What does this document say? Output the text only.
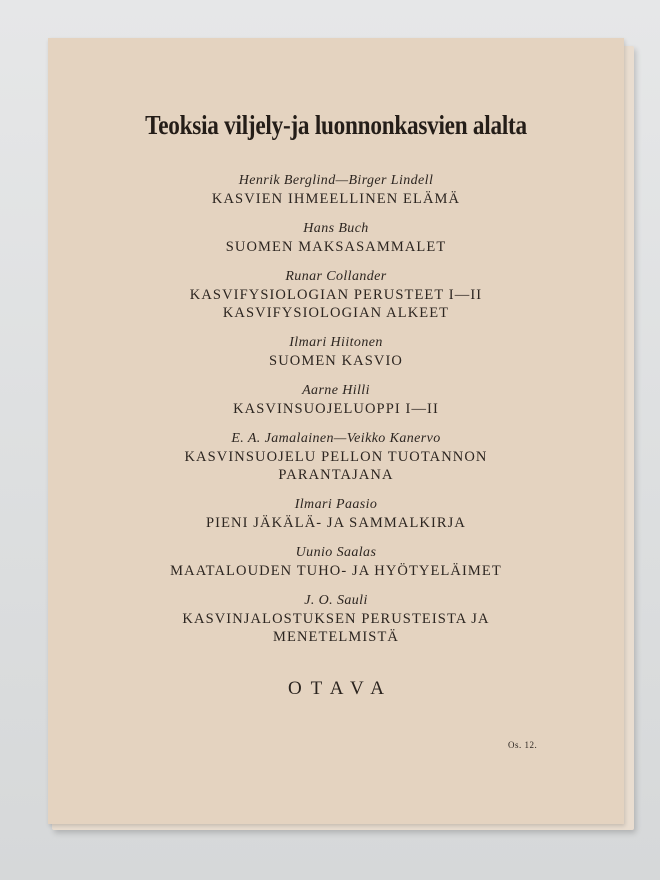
Teoksia viljely-ja luonnonkasvien alalta
Henrik Berglind—Birger Lindell
KASVIEN IHMEELLINEN ELÄMÄ
Hans Buch
SUOMEN MAKSASAMMALET
Runar Collander
KASVIFYSIOLOGIAN PERUSTEET I—II
KASVIFYSIOLOGIAN ALKEET
Ilmari Hiitonen
SUOMEN KASVIO
Aarne Hilli
KASVINSUOJELUOPPI I—II
E. A. Jamalainen—Veikko Kanervo
KASVINSUOJELU PELLON TUOTANNON
PARANTAJANA
Ilmari Paasio
PIENI JÄKÄLÄ- JA SAMMALKIRJA
Uunio Saalas
MAATALOUDEN TUHO- JA HYÖTYELÄIMET
J. O. Sauli
KASVINJALOSTUKSEN PERUSTEISTA JA
MENETELMISTÄ
OTAVA
Os. 12.
